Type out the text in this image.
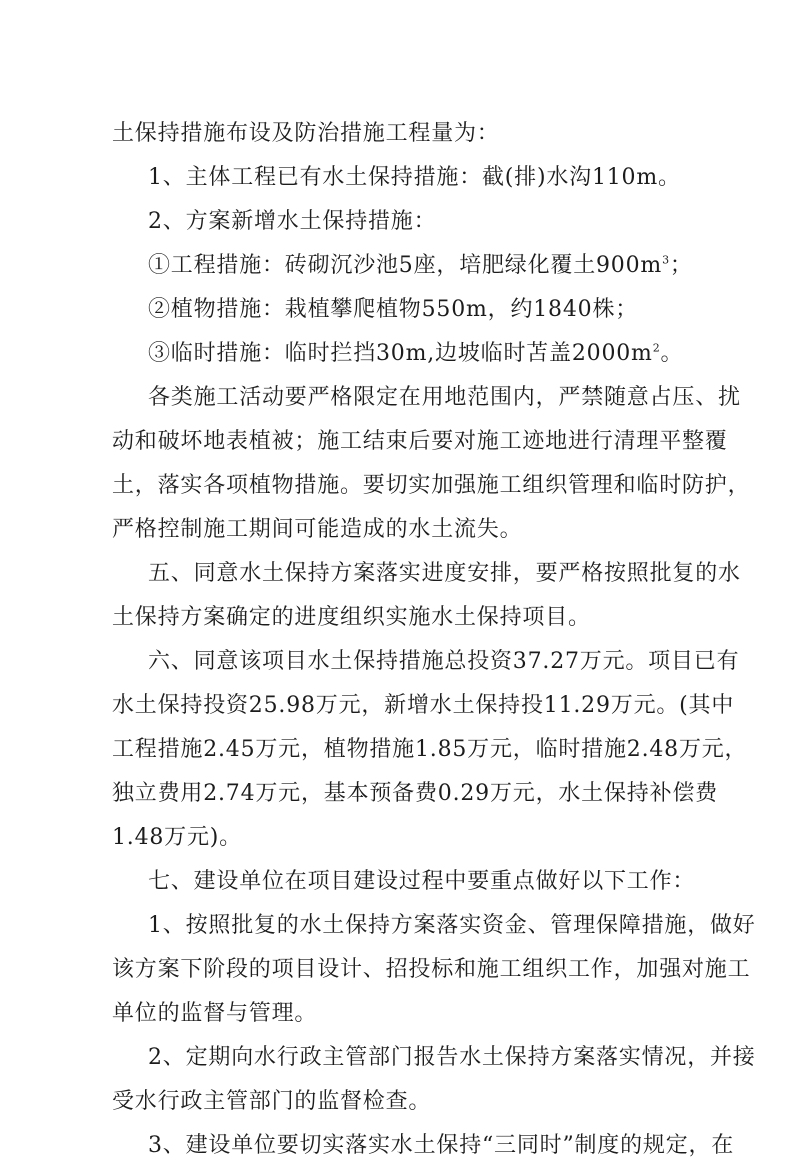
土保持措施布设及防治措施工程量为：

1、主体工程已有水土保持措施：截(排)水沟110m。

2、方案新增水土保持措施：

①工程措施：砖砌沉沙池5座，培肥绿化覆土$900m^3$；

②植物措施：栽植攀爬植物550m，约1840株；

③临时措施：临时拦挡30m,边坡临时苫盖$2000m^2$。

各类施工活动要严格限定在用地范围内，严禁随意占压、扰

动和破坏地表植被；施工结束后要对施工迹地进行清理平整覆

土，落实各项植物措施。要切实加强施工组织管理和临时防护，

严格控制施工期间可能造成的水土流失。

五、同意水土保持方案落实进度安排，要严格按照批复的水

土保持方案确定的进度组织实施水土保持项目。

六、同意该项目水土保持措施总投资37.27万元。项目已有

水土保持投资25.98万元，新增水土保持投11.29万元。(其中

工程措施2.45万元，植物措施1.85万元，临时措施2.48万元，

独立费用2.74万元，基本预备费0.29万元，水土保持补偿费

1.48万元)。

七、建设单位在项目建设过程中要重点做好以下工作：

1、按照批复的水土保持方案落实资金、管理保障措施，做好

该方案下阶段的项目设计、招投标和施工组织工作，加强对施工

单位的监督与管理。

2、定期向水行政主管部门报告水土保持方案落实情况，并接

受水行政主管部门的监督检查。

3、建设单位要切实落实水土保持“三同时”制度的规定，在
